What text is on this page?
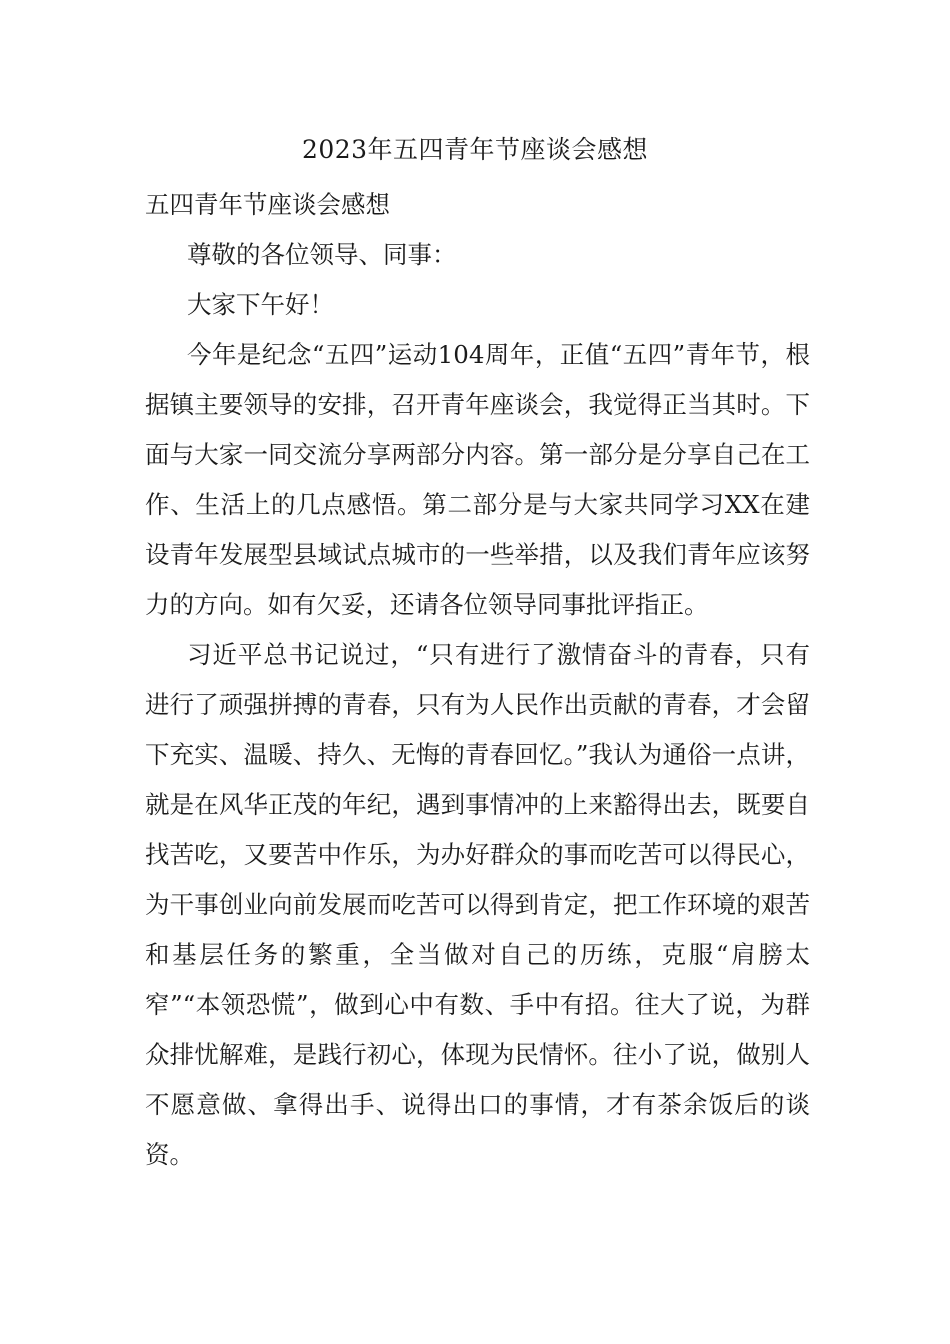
2023年五四青年节座谈会感想

五四青年节座谈会感想

尊敬的各位领导、同事：

大家下午好！

今年是纪念“五四”运动104周年，正值“五四”青年节，根据镇主要领导的安排，召开青年座谈会，我觉得正当其时。下面与大家一同交流分享两部分内容。第一部分是分享自己在工作、生活上的几点感悟。第二部分是与大家共同学习XX在建设青年发展型县域试点城市的一些举措，以及我们青年应该努力的方向。如有欠妥，还请各位领导同事批评指正。

习近平总书记说过，“只有进行了激情奋斗的青春，只有进行了顽强拼搏的青春，只有为人民作出贡献的青春，才会留下充实、温暖、持久、无悔的青春回忆。”我认为通俗一点讲，就是在风华正茂的年纪，遇到事情冲的上来豁得出去，既要自找苦吃，又要苦中作乐，为办好群众的事而吃苦可以得民心，为干事创业向前发展而吃苦可以得到肯定，把工作环境的艰苦和基层任务的繁重，全当做对自己的历练，克服“肩膀太窄”“本领恐慌”，做到心中有数、手中有招。往大了说，为群众排忧解难，是践行初心，体现为民情怀。往小了说，做别人不愿意做、拿得出手、说得出口的事情，才有茶余饭后的谈资。
